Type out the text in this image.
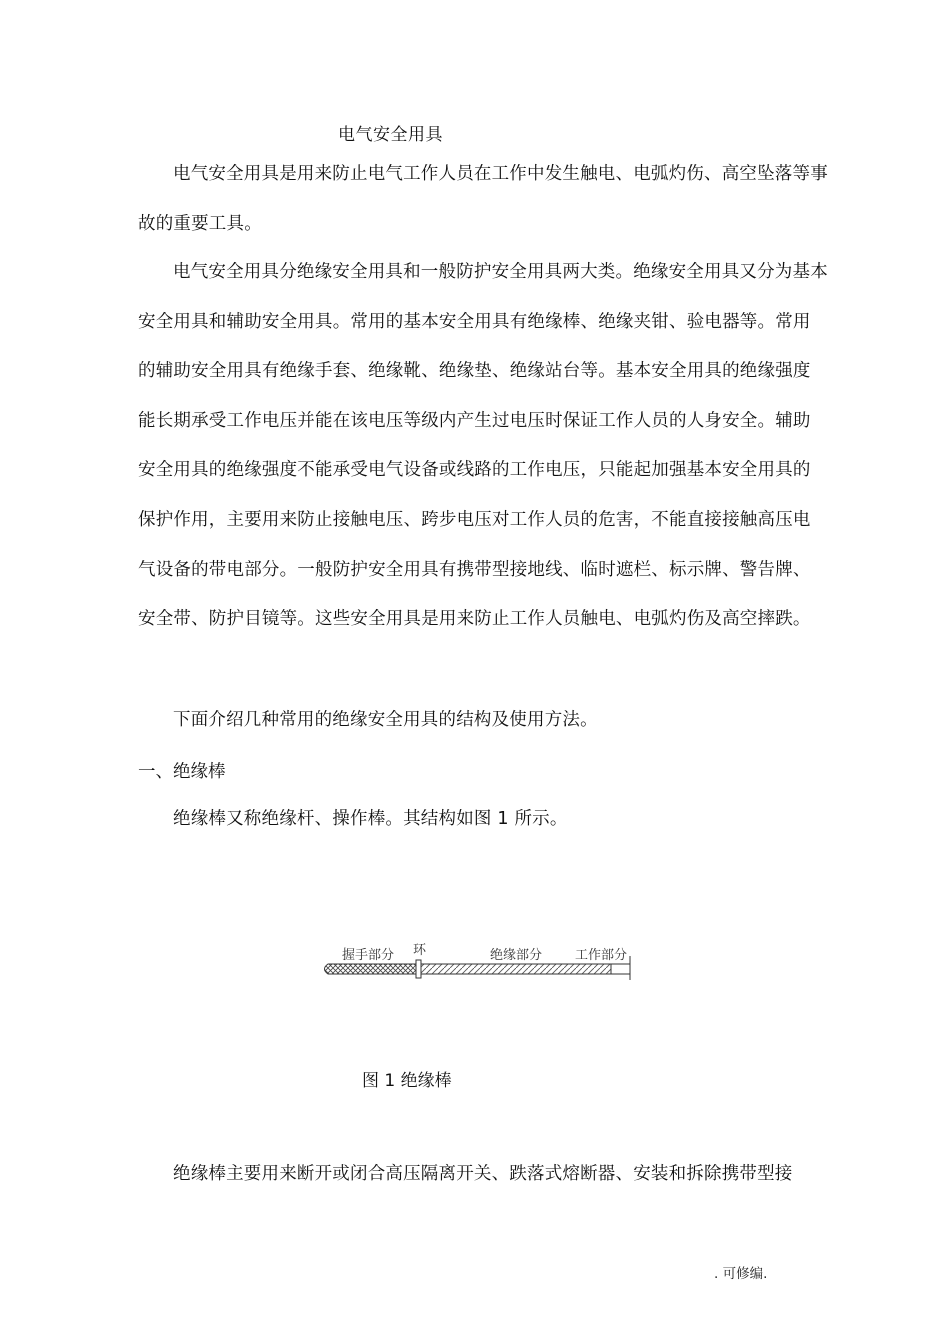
电气安全用具

电气安全用具是用来防止电气工作人员在工作中发生触电、电弧灼伤、高空坠落等事故的重要工具。

电气安全用具分绝缘安全用具和一般防护安全用具两大类。绝缘安全用具又分为基本安全用具和辅助安全用具。常用的基本安全用具有绝缘棒、绝缘夹钳、验电器等。常用的辅助安全用具有绝缘手套、绝缘靴、绝缘垫、绝缘站台等。基本安全用具的绝缘强度能长期承受工作电压并能在该电压等级内产生过电压时保证工作人员的人身安全。辅助安全用具的绝缘强度不能承受电气设备或线路的工作电压，只能起加强基本安全用具的保护作用，主要用来防止接触电压、跨步电压对工作人员的危害，不能直接接触高压电气设备的带电部分。一般防护安全用具有携带型接地线、临时遮栏、标示牌、警告牌、安全带、防护目镜等。这些安全用具是用来防止工作人员触电、电弧灼伤及高空摔跌。

下面介绍几种常用的绝缘安全用具的结构及使用方法。

一、绝缘棒

绝缘棒又称绝缘杆、操作棒。其结构如图 1 所示。

握手部分 环	绝缘部分	工作部分
图 1 绝缘棒

绝缘棒主要用来断开或闭合高压隔离开关、跌落式熔断器、安装和拆除携带型接

. 可修编.
